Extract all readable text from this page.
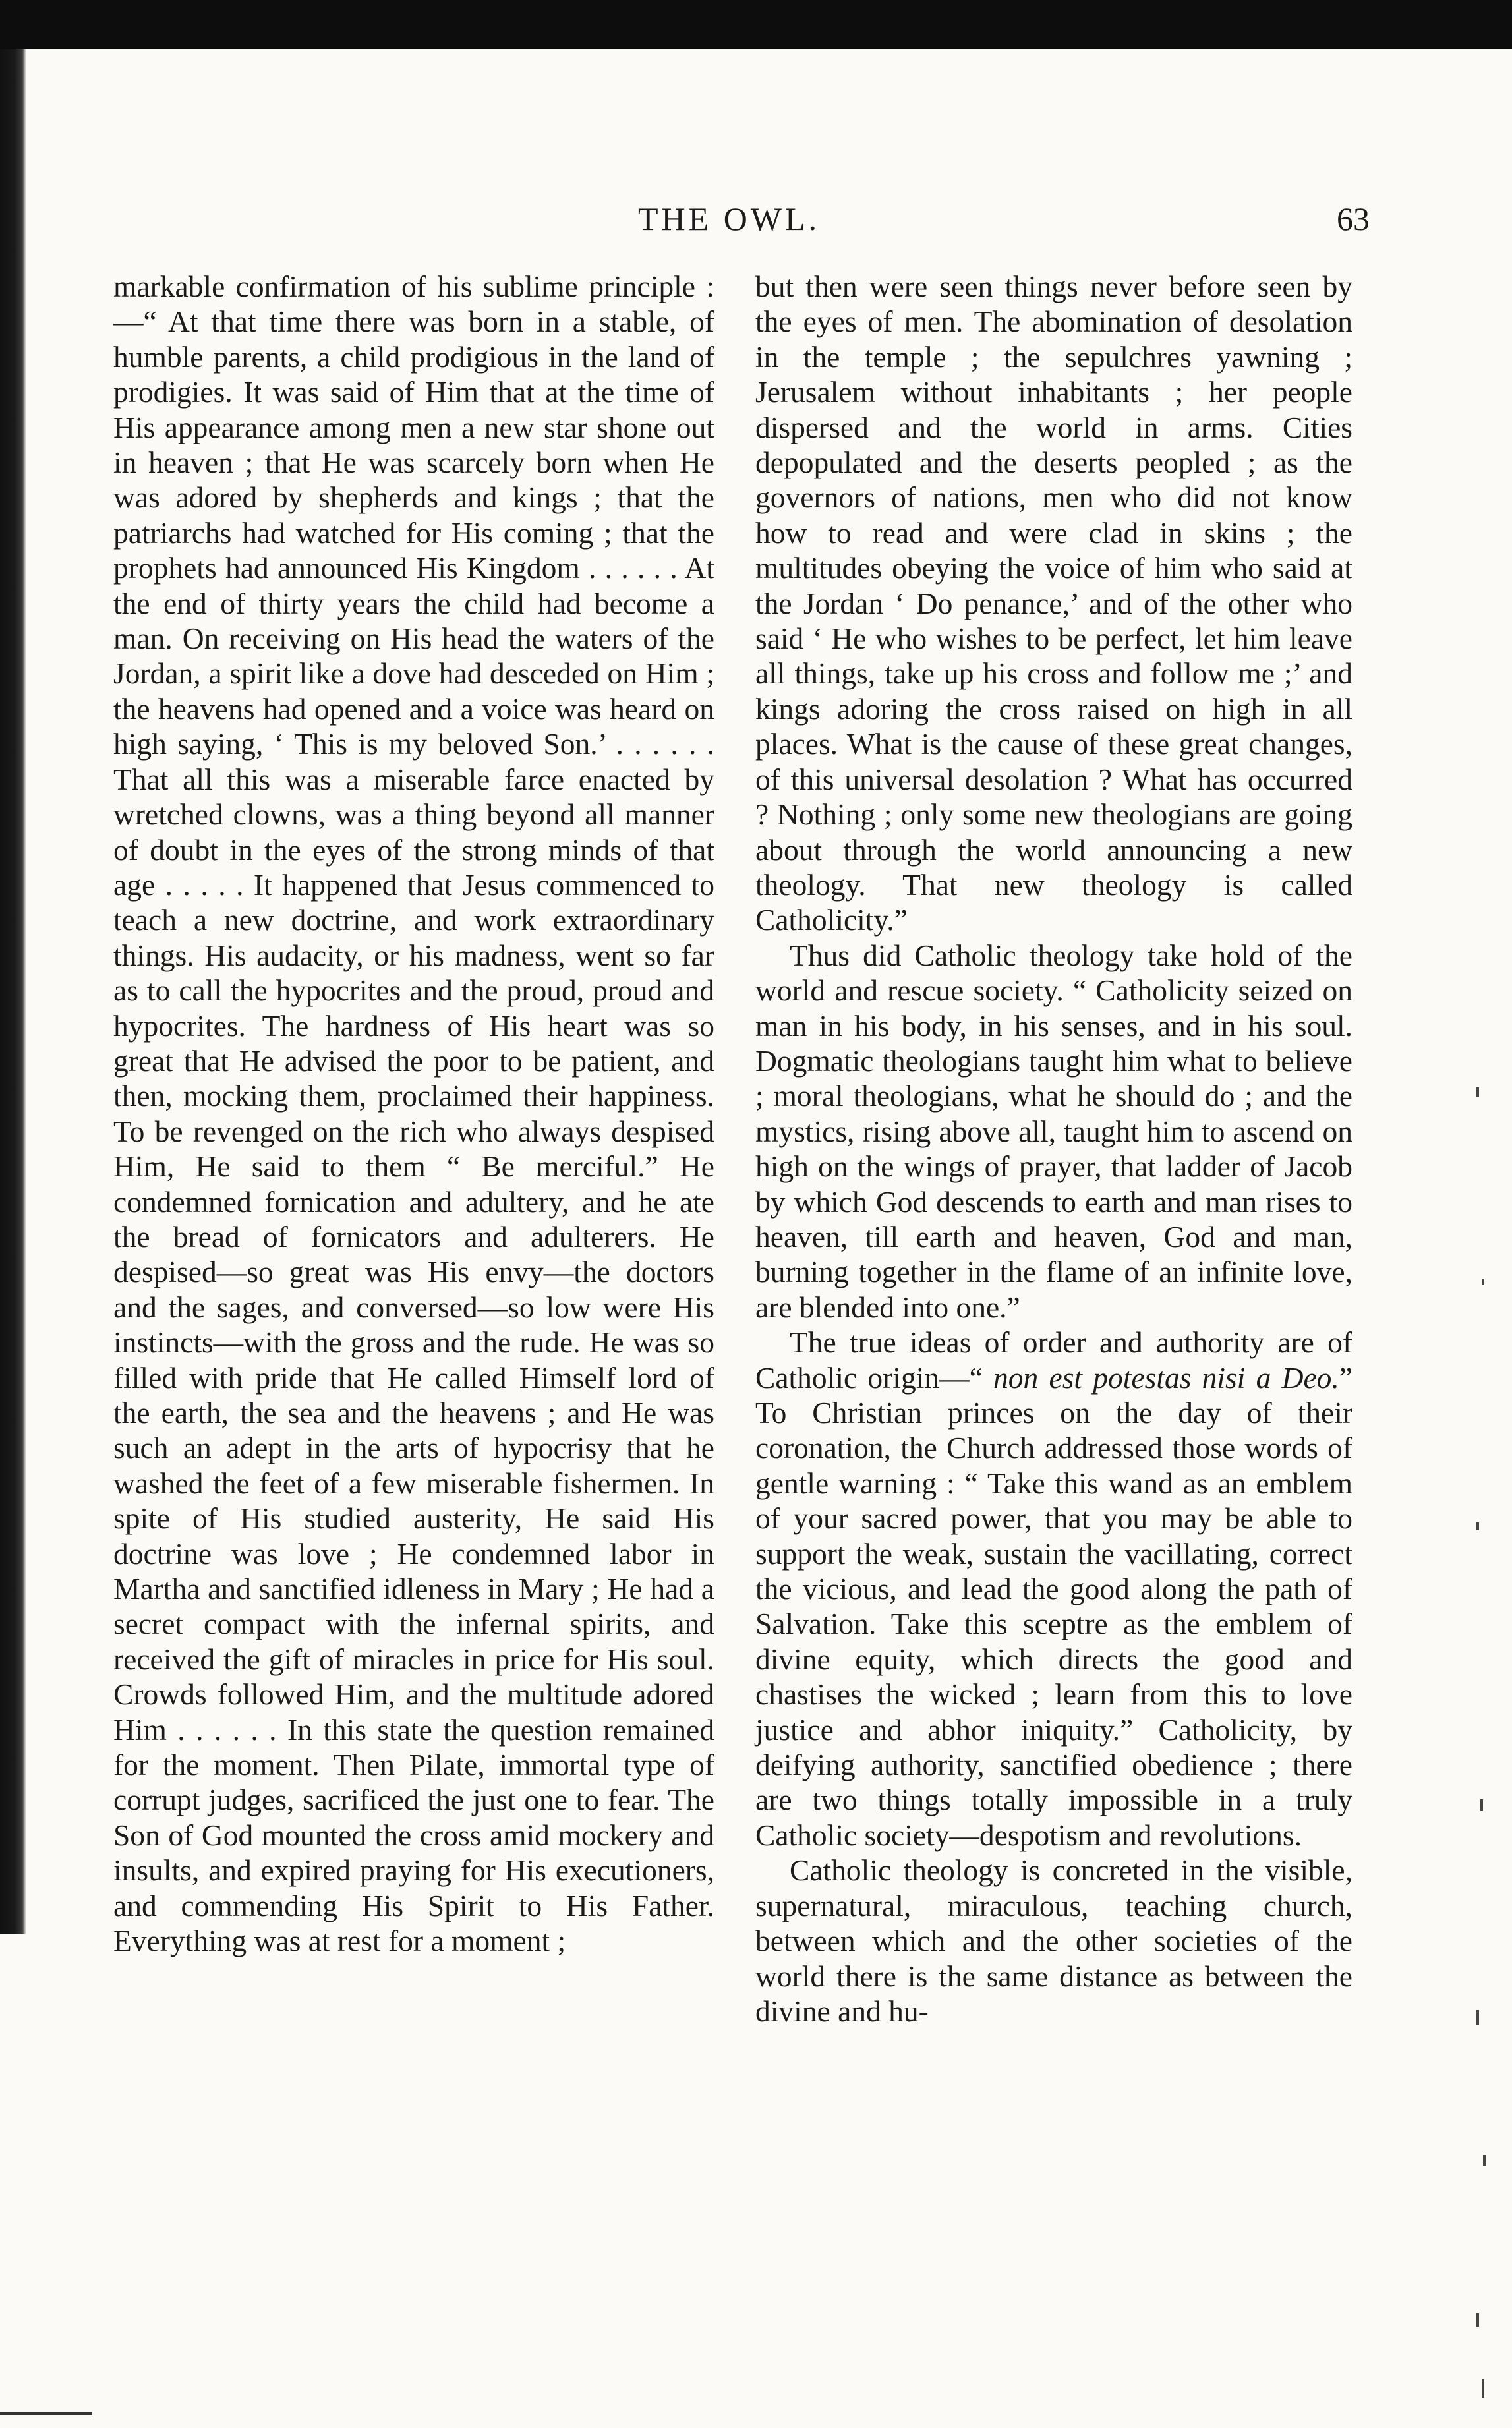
THE OWL.	63

markable confirmation of his sublime principle :—“ At that time there was born in a stable, of humble parents, a child prodigious in the land of prodigies. It was said of Him that at the time of His appearance among men a new star shone out in heaven ; that He was scarcely born when He was adored by shepherds and kings ; that the patriarchs had watched for His coming ; that the prophets had announced His Kingdom . . . . . . At the end of thirty years the child had become a man. On receiving on His head the waters of the Jordan, a spirit like a dove had desceded on Him ; the heavens had opened and a voice was heard on high saying, ‘ This is my beloved Son.’ . . . . . . That all this was a miserable farce enacted by wretched clowns, was a thing beyond all manner of doubt in the eyes of the strong minds of that age . . . . . It happened that Jesus commenced to teach a new doctrine, and work extraordinary things. His audacity, or his madness, went so far as to call the hypocrites and the proud, proud and hypocrites. The hardness of His heart was so great that He advised the poor to be patient, and then, mocking them, proclaimed their happiness. To be revenged on the rich who always despised Him, He said to them “ Be merciful.” He condemned fornication and adultery, and he ate the bread of fornicators and adulterers. He despised—so great was His envy—the doctors and the sages, and conversed—so low were His instincts—with the gross and the rude. He was so filled with pride that He called Himself lord of the earth, the sea and the heavens ; and He was such an adept in the arts of hypocrisy that he washed the feet of a few miserable fishermen. In spite of His studied austerity, He said His doctrine was love ; He condemned labor in Martha and sanctified idleness in Mary ; He had a secret compact with the infernal spirits, and received the gift of miracles in price for His soul. Crowds followed Him, and the multitude adored Him . . . . . . In this state the question remained for the moment. Then Pilate, immortal type of corrupt judges, sacrificed the just one to fear. The Son of God mounted the cross amid mockery and insults, and expired praying for His executioners, and commending His Spirit to His Father. Everything was at rest for a moment ;

but then were seen things never before seen by the eyes of men. The abomination of desolation in the temple ; the sepulchres yawning ; Jerusalem without inhabitants ; her people dispersed and the world in arms. Cities depopulated and the deserts peopled ; as the governors of nations, men who did not know how to read and were clad in skins ; the multitudes obeying the voice of him who said at the Jordan ‘ Do penance,’ and of the other who said ‘ He who wishes to be perfect, let him leave all things, take up his cross and follow me ;’ and kings adoring the cross raised on high in all places. What is the cause of these great changes, of this universal desolation ? What has occurred ? Nothing ; only some new theologians are going about through the world announcing a new theology. That new theology is called Catholicity.”

Thus did Catholic theology take hold of the world and rescue society. “ Catholicity seized on man in his body, in his senses, and in his soul. Dogmatic theologians taught him what to believe ; moral theologians, what he should do ; and the mystics, rising above all, taught him to ascend on high on the wings of prayer, that ladder of Jacob by which God descends to earth and man rises to heaven, till earth and heaven, God and man, burning together in the flame of an infinite love, are blended into one.”

The true ideas of order and authority are of Catholic origin—“ non est potestas nisi a Deo.” To Christian princes on the day of their coronation, the Church addressed those words of gentle warning : “ Take this wand as an emblem of your sacred power, that you may be able to support the weak, sustain the vacillating, correct the vicious, and lead the good along the path of Salvation. Take this sceptre as the emblem of divine equity, which directs the good and chastises the wicked ; learn from this to love justice and abhor iniquity.” Catholicity, by deifying authority, sanctified obedience ; there are two things totally impossible in a truly Catholic society—despotism and revolutions.

Catholic theology is concreted in the visible, supernatural, miraculous, teaching church, between which and the other societies of the world there is the same distance as between the divine and hu-
